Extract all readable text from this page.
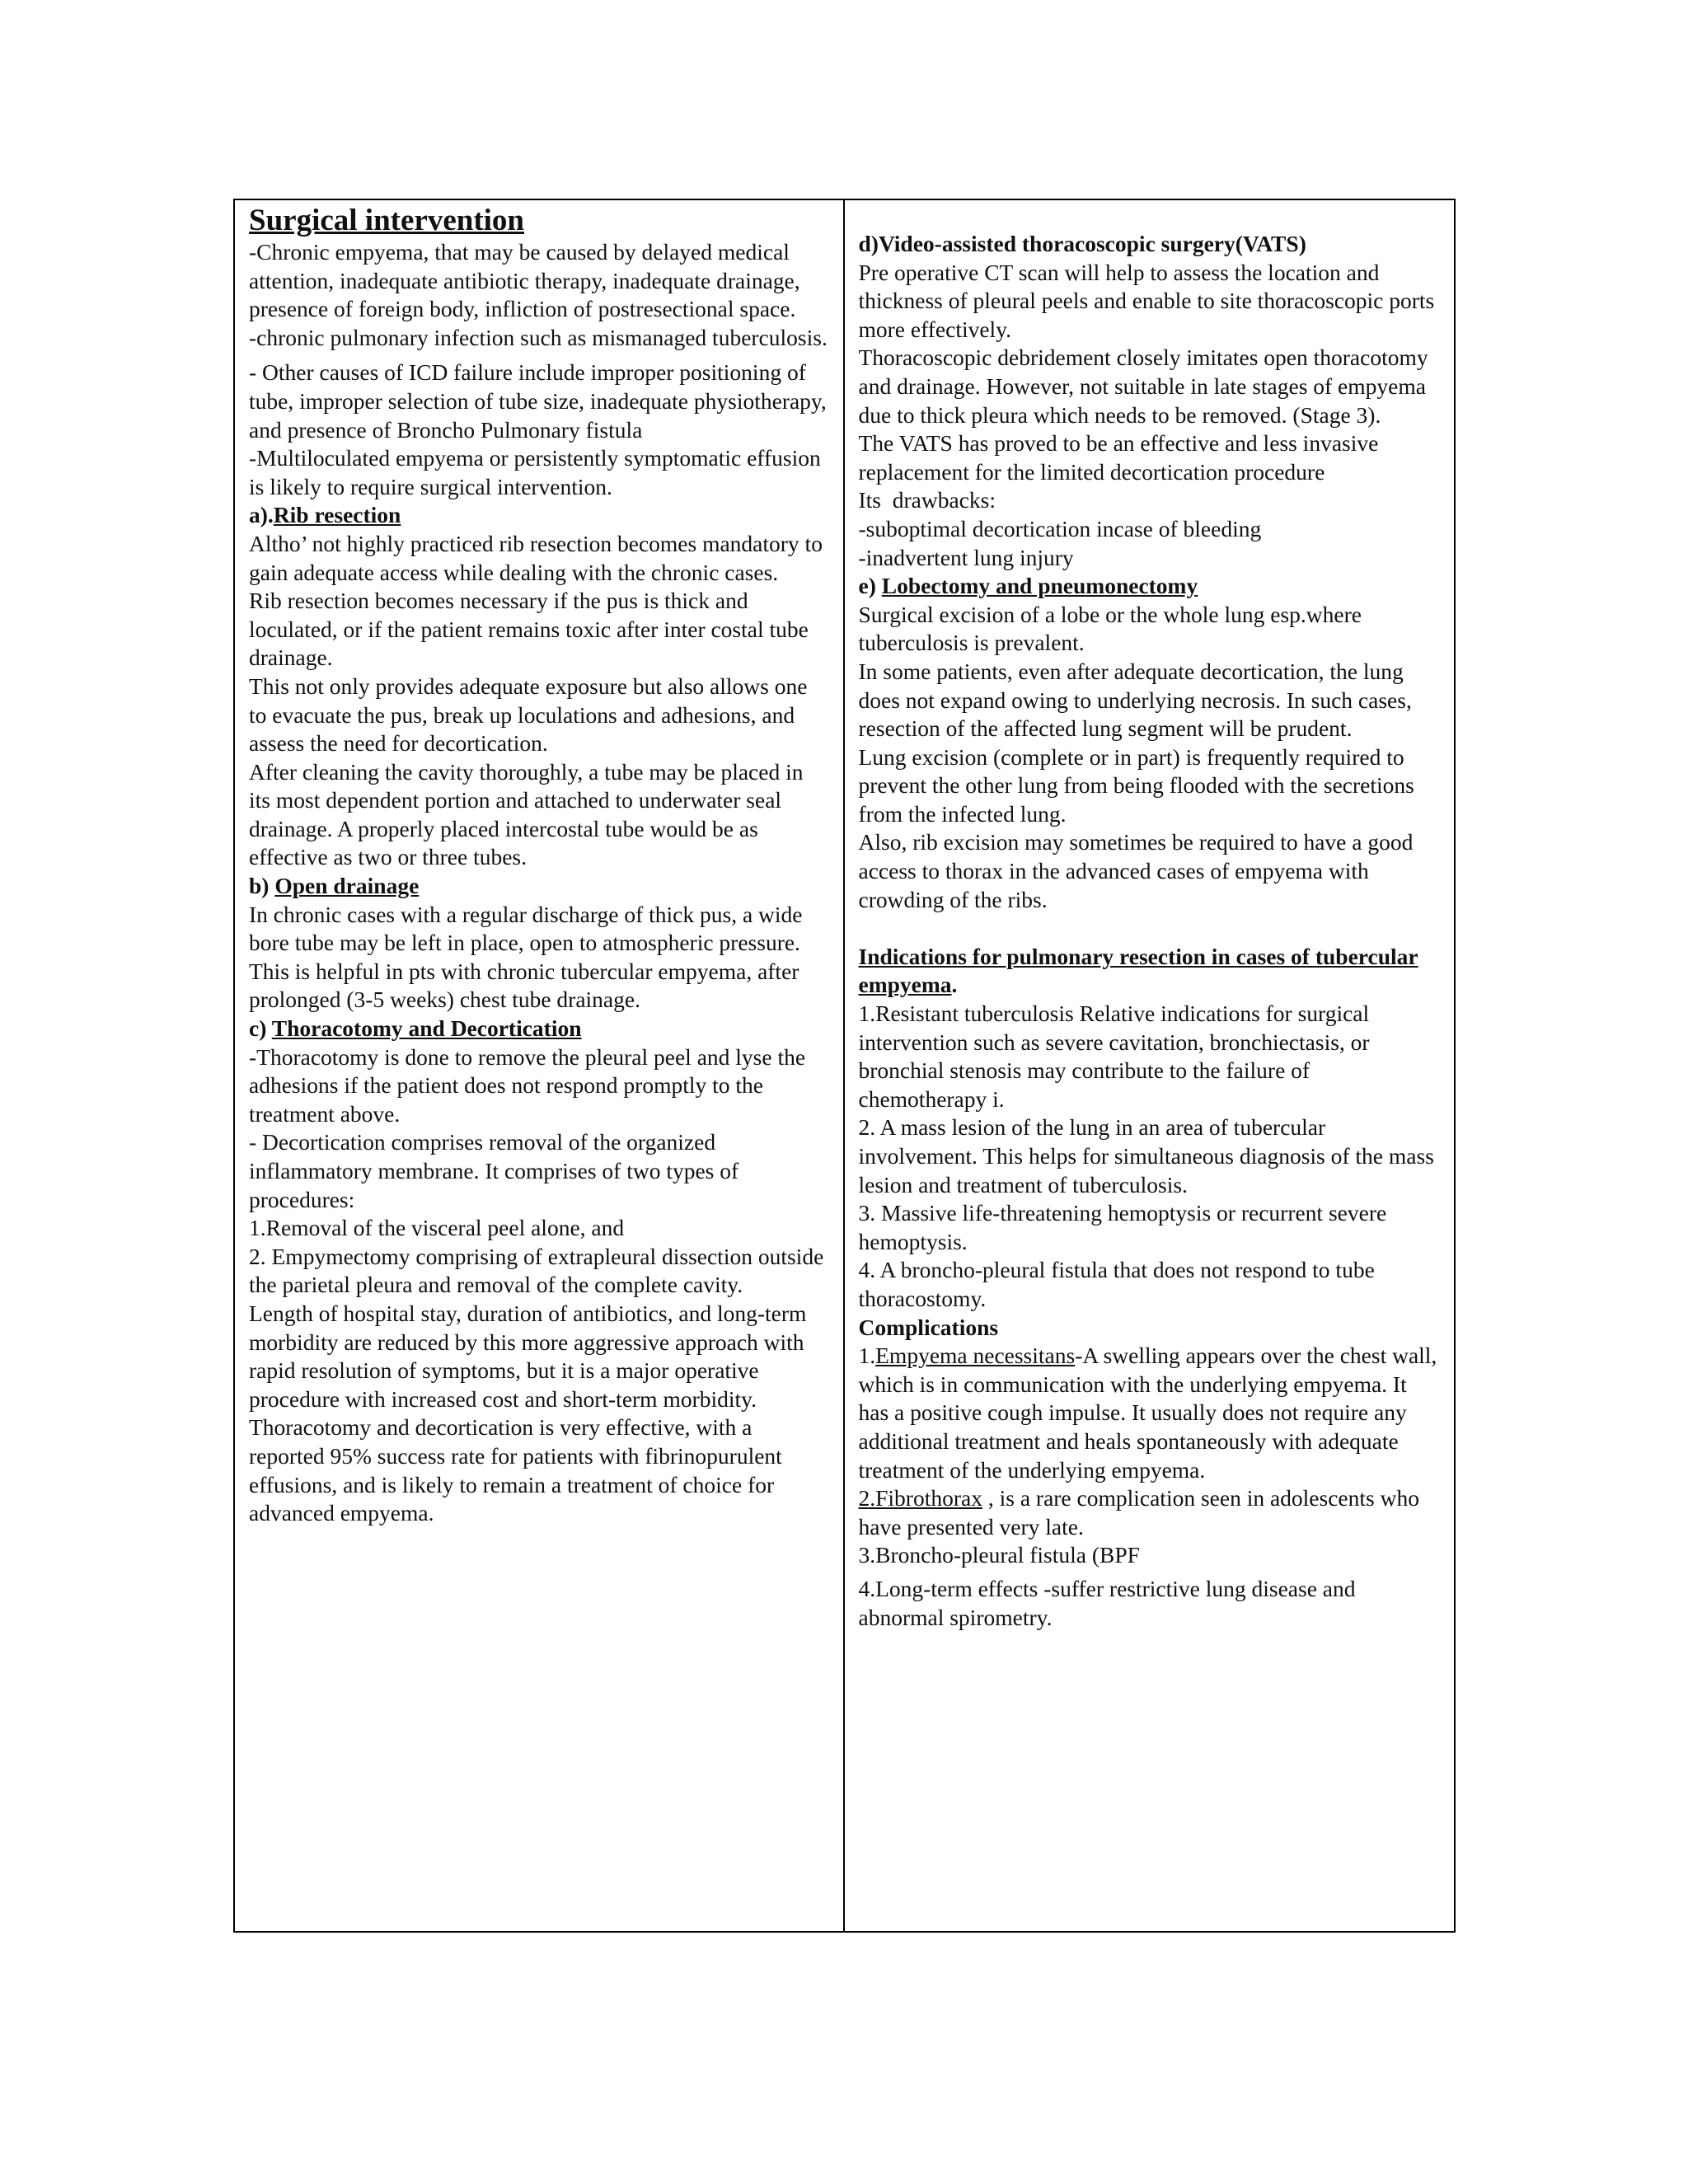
Surgical intervention

-Chronic empyema, that may be caused by delayed medical attention, inadequate antibiotic therapy, inadequate drainage, presence of foreign body, infliction of postresectional space.

-chronic pulmonary infection such as mismanaged tuberculosis.

- Other causes of ICD failure include improper positioning of tube, improper selection of tube size, inadequate physiotherapy, and presence of Broncho Pulmonary fistula

-Multiloculated empyema or persistently symptomatic effusion is likely to require surgical intervention.

a).Rib resection

Altho’ not highly practiced rib resection becomes mandatory to gain adequate access while dealing with the chronic cases.

Rib resection becomes necessary if the pus is thick and loculated, or if the patient remains toxic after inter costal tube drainage.

This not only provides adequate exposure but also allows one to evacuate the pus, break up loculations and adhesions, and assess the need for decortication.

After cleaning the cavity thoroughly, a tube may be placed in its most dependent portion and attached to underwater seal drainage. A properly placed intercostal tube would be as effective as two or three tubes.

b) Open drainage

In chronic cases with a regular discharge of thick pus, a wide bore tube may be left in place, open to atmospheric pressure. This is helpful in pts with chronic tubercular empyema, after prolonged (3-5 weeks) chest tube drainage.

c) Thoracotomy and Decortication

-Thoracotomy is done to remove the pleural peel and lyse the adhesions if the patient does not respond promptly to the treatment above.

- Decortication comprises removal of the organized inflammatory membrane. It comprises of two types of procedures:

1.Removal of the visceral peel alone, and

2. Empymectomy comprising of extrapleural dissection outside the parietal pleura and removal of the complete cavity.

Length of hospital stay, duration of antibiotics, and long-term morbidity are reduced by this more aggressive approach with rapid resolution of symptoms, but it is a major operative procedure with increased cost and short-term morbidity.

Thoracotomy and decortication is very effective, with a reported 95% success rate for patients with fibrinopurulent effusions, and is likely to remain a treatment of choice for advanced empyema.

d)Video-assisted thoracoscopic surgery(VATS)

Pre operative CT scan will help to assess the location and thickness of pleural peels and enable to site thoracoscopic ports more effectively.

Thoracoscopic debridement closely imitates open thoracotomy and drainage. However, not suitable in late stages of empyema due to thick pleura which needs to be removed. (Stage 3).

The VATS has proved to be an effective and less invasive replacement for the limited decortication procedure

Its  drawbacks:

-suboptimal decortication incase of bleeding

-inadvertent lung injury

e) Lobectomy and pneumonectomy

Surgical excision of a lobe or the whole lung esp.where tuberculosis is prevalent.

In some patients, even after adequate decortication, the lung does not expand owing to underlying necrosis. In such cases, resection of the affected lung segment will be prudent.

Lung excision (complete or in part) is frequently required to prevent the other lung from being flooded with the secretions from the infected lung.

Also, rib excision may sometimes be required to have a good access to thorax in the advanced cases of empyema with crowding of the ribs.

Indications for pulmonary resection in cases of tubercular empyema.

1.Resistant tuberculosis Relative indications for surgical intervention such as severe cavitation, bronchiectasis, or bronchial stenosis may contribute to the failure of chemotherapy i.

2. A mass lesion of the lung in an area of tubercular involvement. This helps for simultaneous diagnosis of the mass lesion and treatment of tuberculosis.

3. Massive life-threatening hemoptysis or recurrent severe hemoptysis.

4. A broncho-pleural fistula that does not respond to tube thoracostomy.

Complications

1.Empyema necessitans-A swelling appears over the chest wall, which is in communication with the underlying empyema. It has a positive cough impulse. It usually does not require any additional treatment and heals spontaneously with adequate treatment of the underlying empyema.

2.Fibrothorax , is a rare complication seen in adolescents who have presented very late.

3.Broncho-pleural fistula (BPF

4.Long-term effects -suffer restrictive lung disease and abnormal spirometry.
